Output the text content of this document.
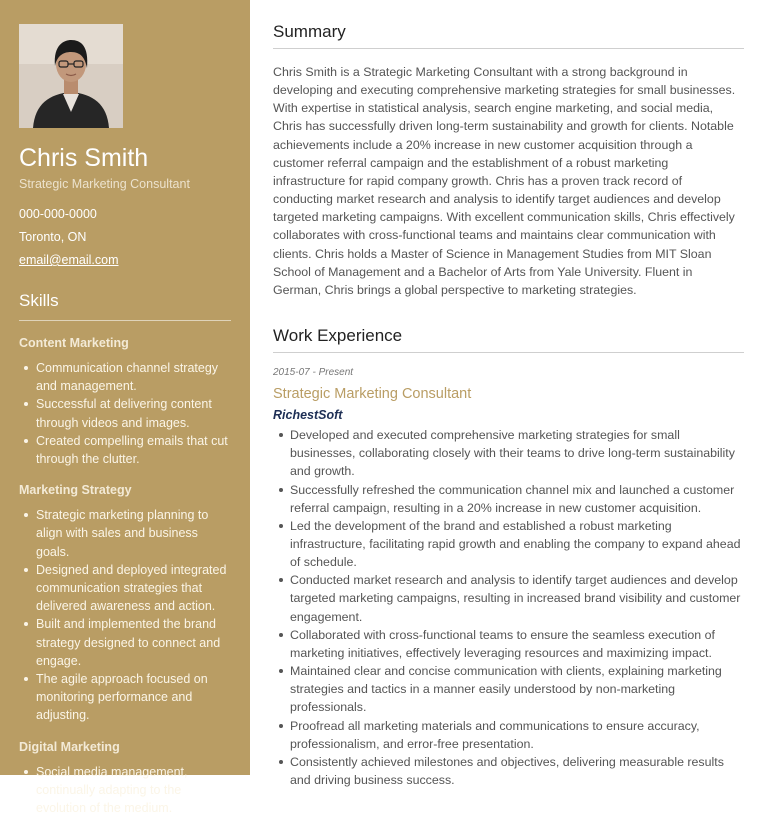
Chris Smith
Strategic Marketing Consultant
000-000-0000
Toronto, ON
email@email.com
Skills
Content Marketing
Communication channel strategy and management.
Successful at delivering content through videos and images.
Created compelling emails that cut through the clutter.
Marketing Strategy
Strategic marketing planning to align with sales and business goals.
Designed and deployed integrated communication strategies that delivered awareness and action.
Built and implemented the brand strategy designed to connect and engage.
The agile approach focused on monitoring performance and adjusting.
Digital Marketing
Social media management, continually adapting to the evolution of the medium.
Summary

Chris Smith is a Strategic Marketing Consultant with a strong background in developing and executing comprehensive marketing strategies for small businesses. With expertise in statistical analysis, search engine marketing, and social media, Chris has successfully driven long-term sustainability and growth for clients. Notable achievements include a 20% increase in new customer acquisition through a customer referral campaign and the establishment of a robust marketing infrastructure for rapid company growth. Chris has a proven track record of conducting market research and analysis to identify target audiences and develop targeted marketing campaigns. With excellent communication skills, Chris effectively collaborates with cross-functional teams and maintains clear communication with clients. Chris holds a Master of Science in Management Studies from MIT Sloan School of Management and a Bachelor of Arts from Yale University. Fluent in German, Chris brings a global perspective to marketing strategies.

Work Experience
2015-07 - Present
Strategic Marketing Consultant
RichestSoft
Developed and executed comprehensive marketing strategies for small businesses, collaborating closely with their teams to drive long-term sustainability and growth.
Successfully refreshed the communication channel mix and launched a customer referral campaign, resulting in a 20% increase in new customer acquisition.
Led the development of the brand and established a robust marketing infrastructure, facilitating rapid growth and enabling the company to expand ahead of schedule.
Conducted market research and analysis to identify target audiences and develop targeted marketing campaigns, resulting in increased brand visibility and customer engagement.
Collaborated with cross-functional teams to ensure the seamless execution of marketing initiatives, effectively leveraging resources and maximizing impact.
Maintained clear and concise communication with clients, explaining marketing strategies and tactics in a manner easily understood by non-marketing professionals.
Proofread all marketing materials and communications to ensure accuracy, professionalism, and error-free presentation.
Consistently achieved milestones and objectives, delivering measurable results and driving business success.
